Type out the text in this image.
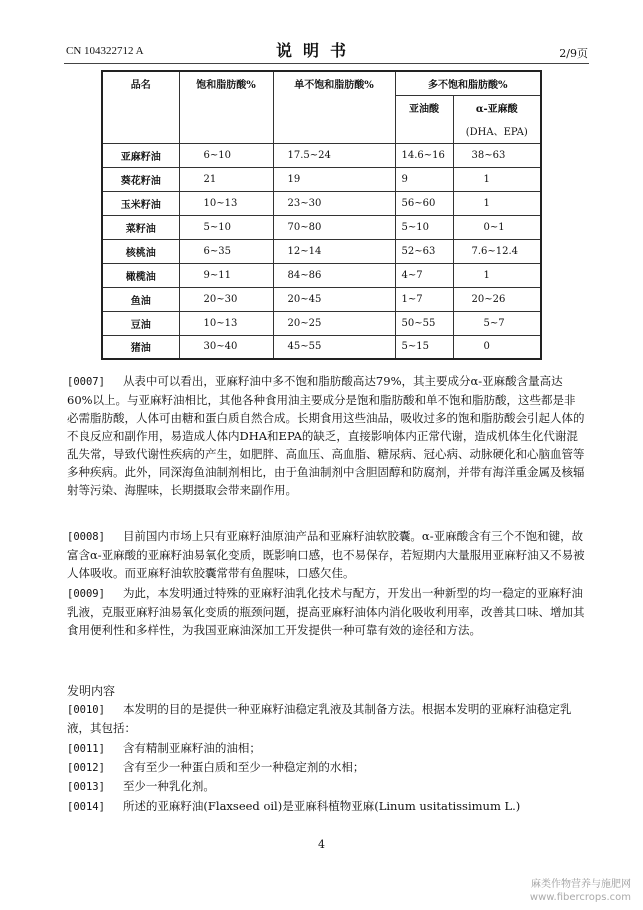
CN 104322712 A	说明书	2/9页
品名	饱和脂肪酸%	单不饱和脂肪酸%	多不饱和脂肪酸%	
			亚油酸	α-亚麻酸
(DHA、EPA)

亚麻籽油	6~10	17.5~24	14.6~16	38~63
葵花籽油	21	19	9	1
玉米籽油	10~13	23~30	56~60	1
菜籽油	5~10	70~80	5~10	0~1
核桃油	6~35	12~14	52~63	7.6~12.4
橄榄油	9~11	84~86	4~7	1
鱼油	20~30	20~45	1~7	20~26
豆油	10~13	20~25	50~55	5~7
猪油	30~40	45~55	5~15	0
[0007] 从表中可以看出，亚麻籽油中多不饱和脂肪酸高达79%，其主要成分α-亚麻酸含量高达60%以上。与亚麻籽油相比，其他各种食用油主要成分是饱和脂肪酸和单不饱和脂肪酸，这些都是非必需脂肪酸，人体可由糖和蛋白质自然合成。长期食用这些油品，吸收过多的饱和脂肪酸会引起人体的不良反应和副作用，易造成人体内DHA和EPA的缺乏，直接影响体内正常代谢，造成机体生化代谢混乱失常，导致代谢性疾病的产生，如肥胖、高血压、高血脂、糖尿病、冠心病、动脉硬化和心脑血管等多种疾病。此外，同深海鱼油制剂相比，由于鱼油制剂中含胆固醇和防腐剂，并带有海洋重金属及核辐射等污染、海腥味，长期摄取会带来副作用。
[0008] 目前国内市场上只有亚麻籽油原油产品和亚麻籽油软胶囊。α-亚麻酸含有三个不饱和键，故富含α-亚麻酸的亚麻籽油易氧化变质，既影响口感，也不易保存，若短期内大量服用亚麻籽油又不易被人体吸收。而亚麻籽油软胶囊常带有鱼腥味，口感欠佳。
[0009] 为此，本发明通过特殊的亚麻籽油乳化技术与配方，开发出一种新型的均一稳定的亚麻籽油乳液，克服亚麻籽油易氧化变质的瓶颈问题，提高亚麻籽油体内消化吸收利用率，改善其口味、增加其食用便利性和多样性，为我国亚麻油深加工开发提供一种可靠有效的途径和方法。
发明内容
[0010] 本发明的目的是提供一种亚麻籽油稳定乳液及其制备方法。根据本发明的亚麻籽油稳定乳液，其包括：
[0011] 含有精制亚麻籽油的油相；
[0012] 含有至少一种蛋白质和至少一种稳定剂的水相；
[0013] 至少一种乳化剂。
[0014] 所述的亚麻籽油(Flaxseed oil)是亚麻科植物亚麻(Linum usitatissimum L.)
4
麻类作物营养与施肥网
www.fibercrops.com
